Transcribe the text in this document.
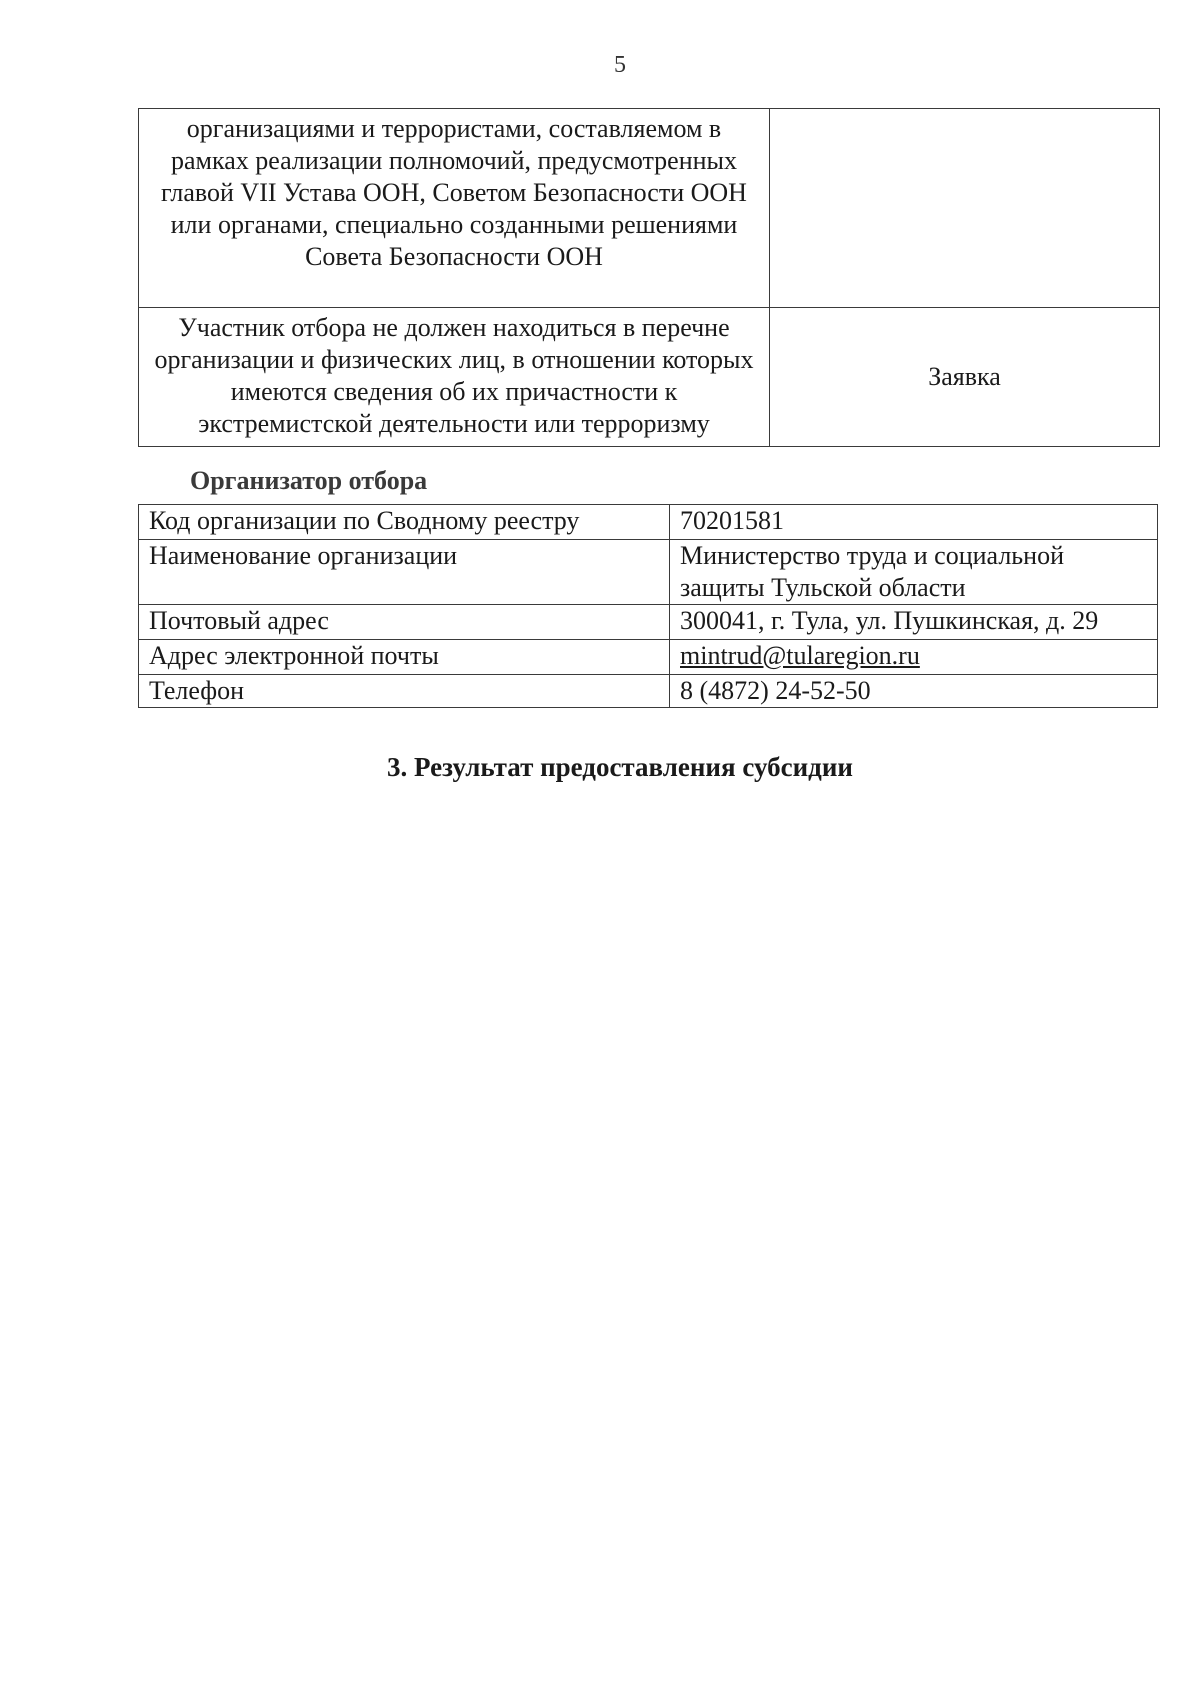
5
организациями и террористами, составляемом в рамках реализации полномочий, предусмотренных главой VII Устава ООН, Советом Безопасности ООН или органами, специально созданными решениями Совета Безопасности ООН	
Участник отбора не должен находиться в перечне организации и физических лиц, в отношении которых имеются сведения об их причастности к экстремистской деятельности или терроризму	Заявка
Организатор отбора
Код организации по Сводному реестру	70201581
Наименование организации	Министерство труда и социальной защиты Тульской области
Почтовый адрес	300041, г. Тула, ул. Пушкинская, д. 29
Адрес электронной почты	mintrud@tularegion.ru
Телефон	8 (4872) 24-52-50
3. Результат предоставления субсидии
